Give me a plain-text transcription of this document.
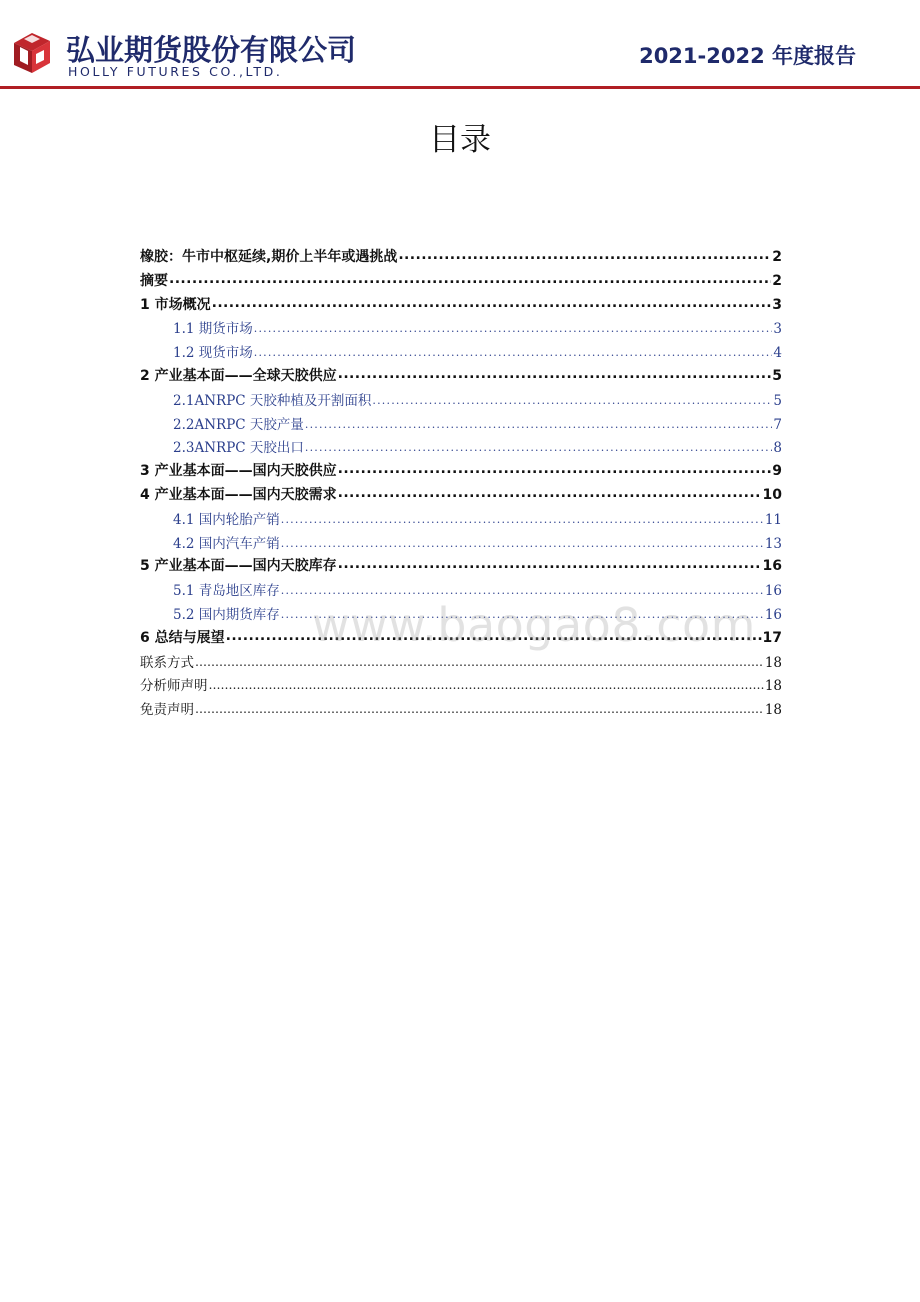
弘业期货股份有限公司
HOLLY FUTURES CO.,LTD.
2021-2022 年度报告
目录
橡胶：牛市中枢延续,期价上半年或遇挑战 .....	2
摘要 .....	2
1 市场概况 .....	3
1.1 期货市场 .....	3
1.2 现货市场 .....	4
2 产业基本面——全球天胶供应 .....	5
2.1ANRPC 天胶种植及开割面积 .....	5
2.2ANRPC 天胶产量 .....	7
2.3ANRPC 天胶出口 .....	8
3 产业基本面——国内天胶供应 .....	9
4 产业基本面——国内天胶需求 .....	10
4.1 国内轮胎产销 .....	11
4.2 国内汽车产销 .....	13
5 产业基本面——国内天胶库存 .....	16
5.1 青岛地区库存 .....	16
5.2 国内期货库存 .....	16
6 总结与展望 .....	17
联系方式 …………………………………………………………………………………………………………………………………………………………………………………………	18
分析师声明 …………………………………………………………………………………………………………………………………………………………………………………………	18
免责声明 …………………………………………………………………………………………………………………………………………………………………………………………	18
www.baogao8.com
